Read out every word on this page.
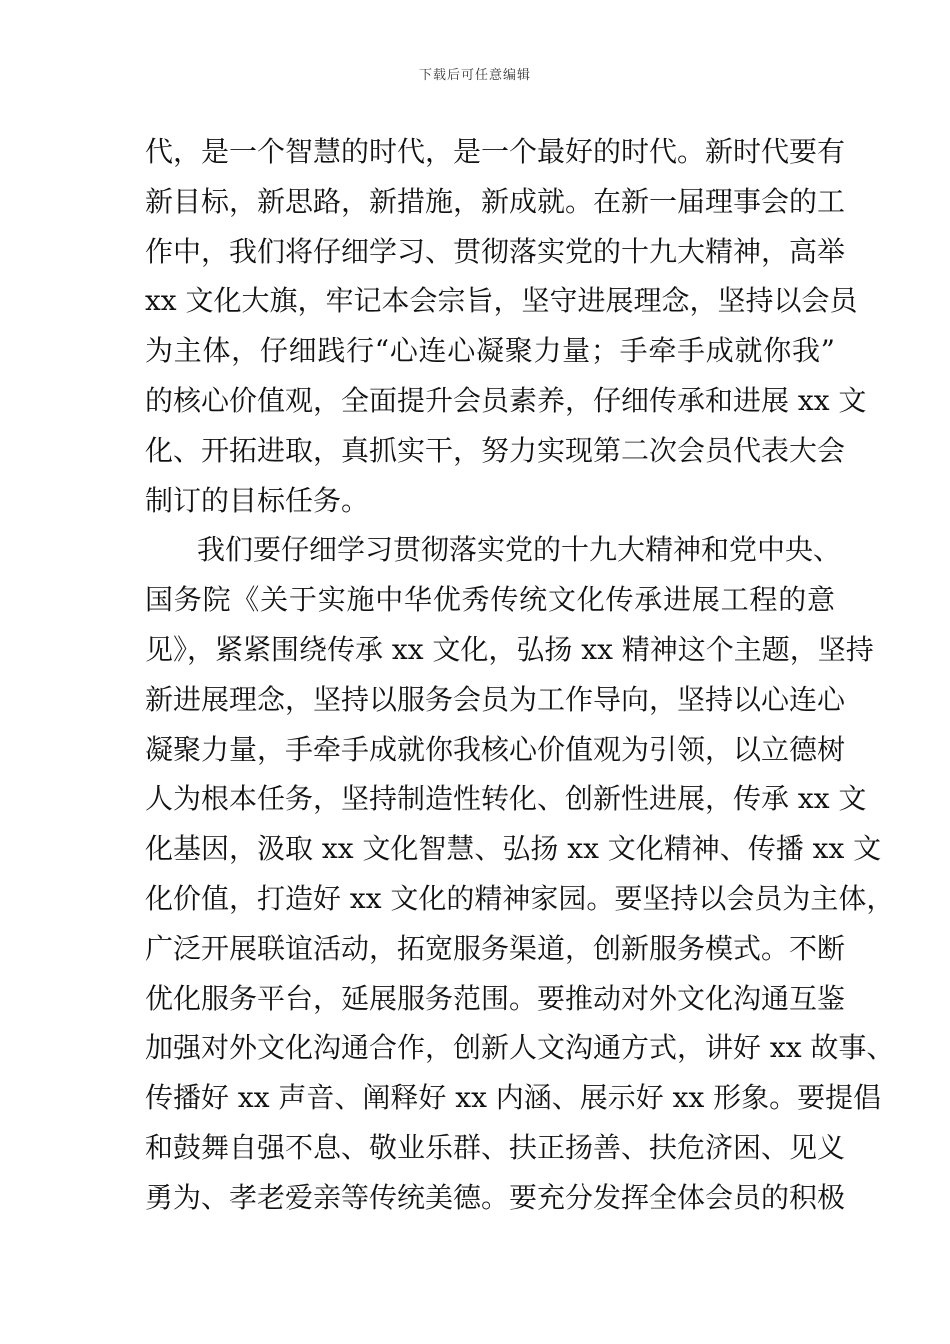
下载后可任意编辑
代，是一个智慧的时代，是一个最好的时代。新时代要有
新目标，新思路，新措施，新成就。在新一届理事会的工
作中，我们将仔细学习、贯彻落实党的十九大精神，高举
xx 文化大旗，牢记本会宗旨，坚守进展理念，坚持以会员
为主体，仔细践行“心连心凝聚力量；手牵手成就你我”
的核心价值观，全面提升会员素养，仔细传承和进展 xx 文
化、开拓进取，真抓实干，努力实现第二次会员代表大会
制订的目标任务。
我们要仔细学习贯彻落实党的十九大精神和党中央、
国务院《关于实施中华优秀传统文化传承进展工程的意
见》，紧紧围绕传承 xx 文化，弘扬 xx 精神这个主题，坚持
新进展理念，坚持以服务会员为工作导向，坚持以心连心
凝聚力量，手牵手成就你我核心价值观为引领，以立德树
人为根本任务，坚持制造性转化、创新性进展，传承 xx 文
化基因，汲取 xx 文化智慧、弘扬 xx 文化精神、传播 xx 文
化价值，打造好 xx 文化的精神家园。要坚持以会员为主体，
广泛开展联谊活动，拓宽服务渠道，创新服务模式。不断
优化服务平台，延展服务范围。要推动对外文化沟通互鉴
加强对外文化沟通合作，创新人文沟通方式，讲好 xx 故事、
传播好 xx 声音、阐释好 xx 内涵、展示好 xx 形象。要提倡
和鼓舞自强不息、敬业乐群、扶正扬善、扶危济困、见义
勇为、孝老爱亲等传统美德。要充分发挥全体会员的积极
